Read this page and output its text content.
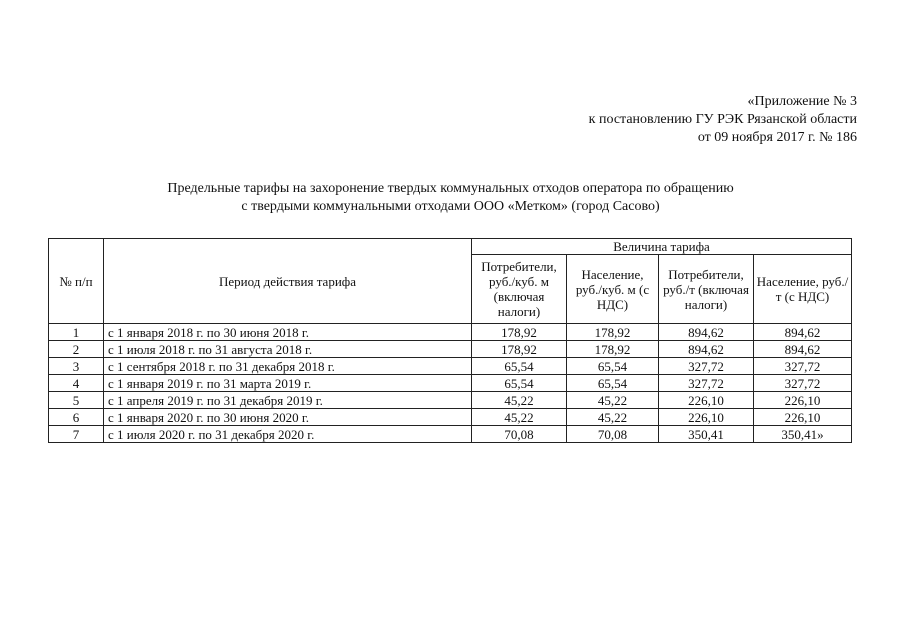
«Приложение № 3
к постановлению ГУ РЭК Рязанской области
от 09 ноября 2017 г. № 186
Предельные тарифы на захоронение твердых коммунальных отходов оператора по обращению
с твердыми коммунальными отходами ООО «Метком» (город Сасово)
№ п/п	Период действия тарифа	Величина тарифа			
		Потребители, руб./куб. м (включая налоги)	Население, руб./куб. м (с НДС)	Потребители, руб./т (включая налоги)	Население, руб./т (с НДС)
1	с 1 января 2018 г. по 30 июня 2018 г.	178,92	178,92	894,62	894,62
2	с 1 июля 2018 г. по 31 августа 2018 г.	178,92	178,92	894,62	894,62
3	с 1 сентября 2018 г. по 31 декабря 2018 г.	65,54	65,54	327,72	327,72
4	с 1 января 2019 г. по 31 марта 2019 г.	65,54	65,54	327,72	327,72
5	с 1 апреля 2019 г. по 31 декабря 2019 г.	45,22	45,22	226,10	226,10
6	с 1 января 2020 г. по 30 июня 2020 г.	45,22	45,22	226,10	226,10
7	с 1 июля 2020 г. по 31 декабря 2020 г.	70,08	70,08	350,41	350,41»
